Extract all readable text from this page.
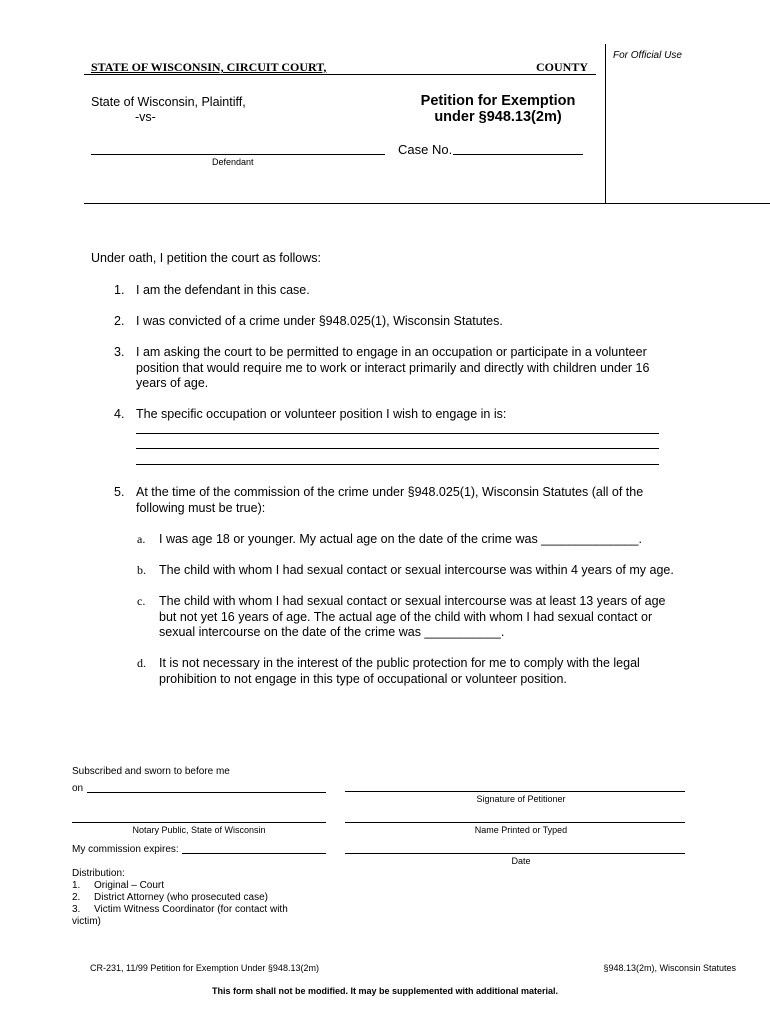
For Official Use
STATE OF WISCONSIN, CIRCUIT COURT,	COUNTY
State of Wisconsin, Plaintiff,
-vs-
Petition for Exemption
under §948.13(2m)
Defendant
Case No.
Under oath, I petition the court as follows:
1. I am the defendant in this case.
2. I was convicted of a crime under §948.025(1), Wisconsin Statutes.
3. I am asking the court to be permitted to engage in an occupation or participate in a volunteer
position that would require me to work or interact primarily and directly with children under 16
years of age.
4. The specific occupation or volunteer position I wish to engage in is:
5. At the time of the commission of the crime under §948.025(1), Wisconsin Statutes (all of the
following must be true):
a. I was age 18 or younger. My actual age on the date of the crime was ______________.
b. The child with whom I had sexual contact or sexual intercourse was within 4 years of my age.
c. The child with whom I had sexual contact or sexual intercourse was at least 13 years of age
but not yet 16 years of age. The actual age of the child with whom I had sexual contact or
sexual intercourse on the date of the crime was ___________.
d. It is not necessary in the interest of the public protection for me to comply with the legal
prohibition to not engage in this type of occupational or volunteer position.
Subscribed and sworn to before me
on
Signature of Petitioner
Notary Public, State of Wisconsin	Name Printed or Typed
My commission expires:
Date
Distribution:
1. Original – Court
2. District Attorney (who prosecuted case)
3. Victim Witness Coordinator (for contact with
victim)
CR-231, 11/99 Petition for Exemption Under §948.13(2m)	§948.13(2m), Wisconsin Statutes
This form shall not be modified. It may be supplemented with additional material.
